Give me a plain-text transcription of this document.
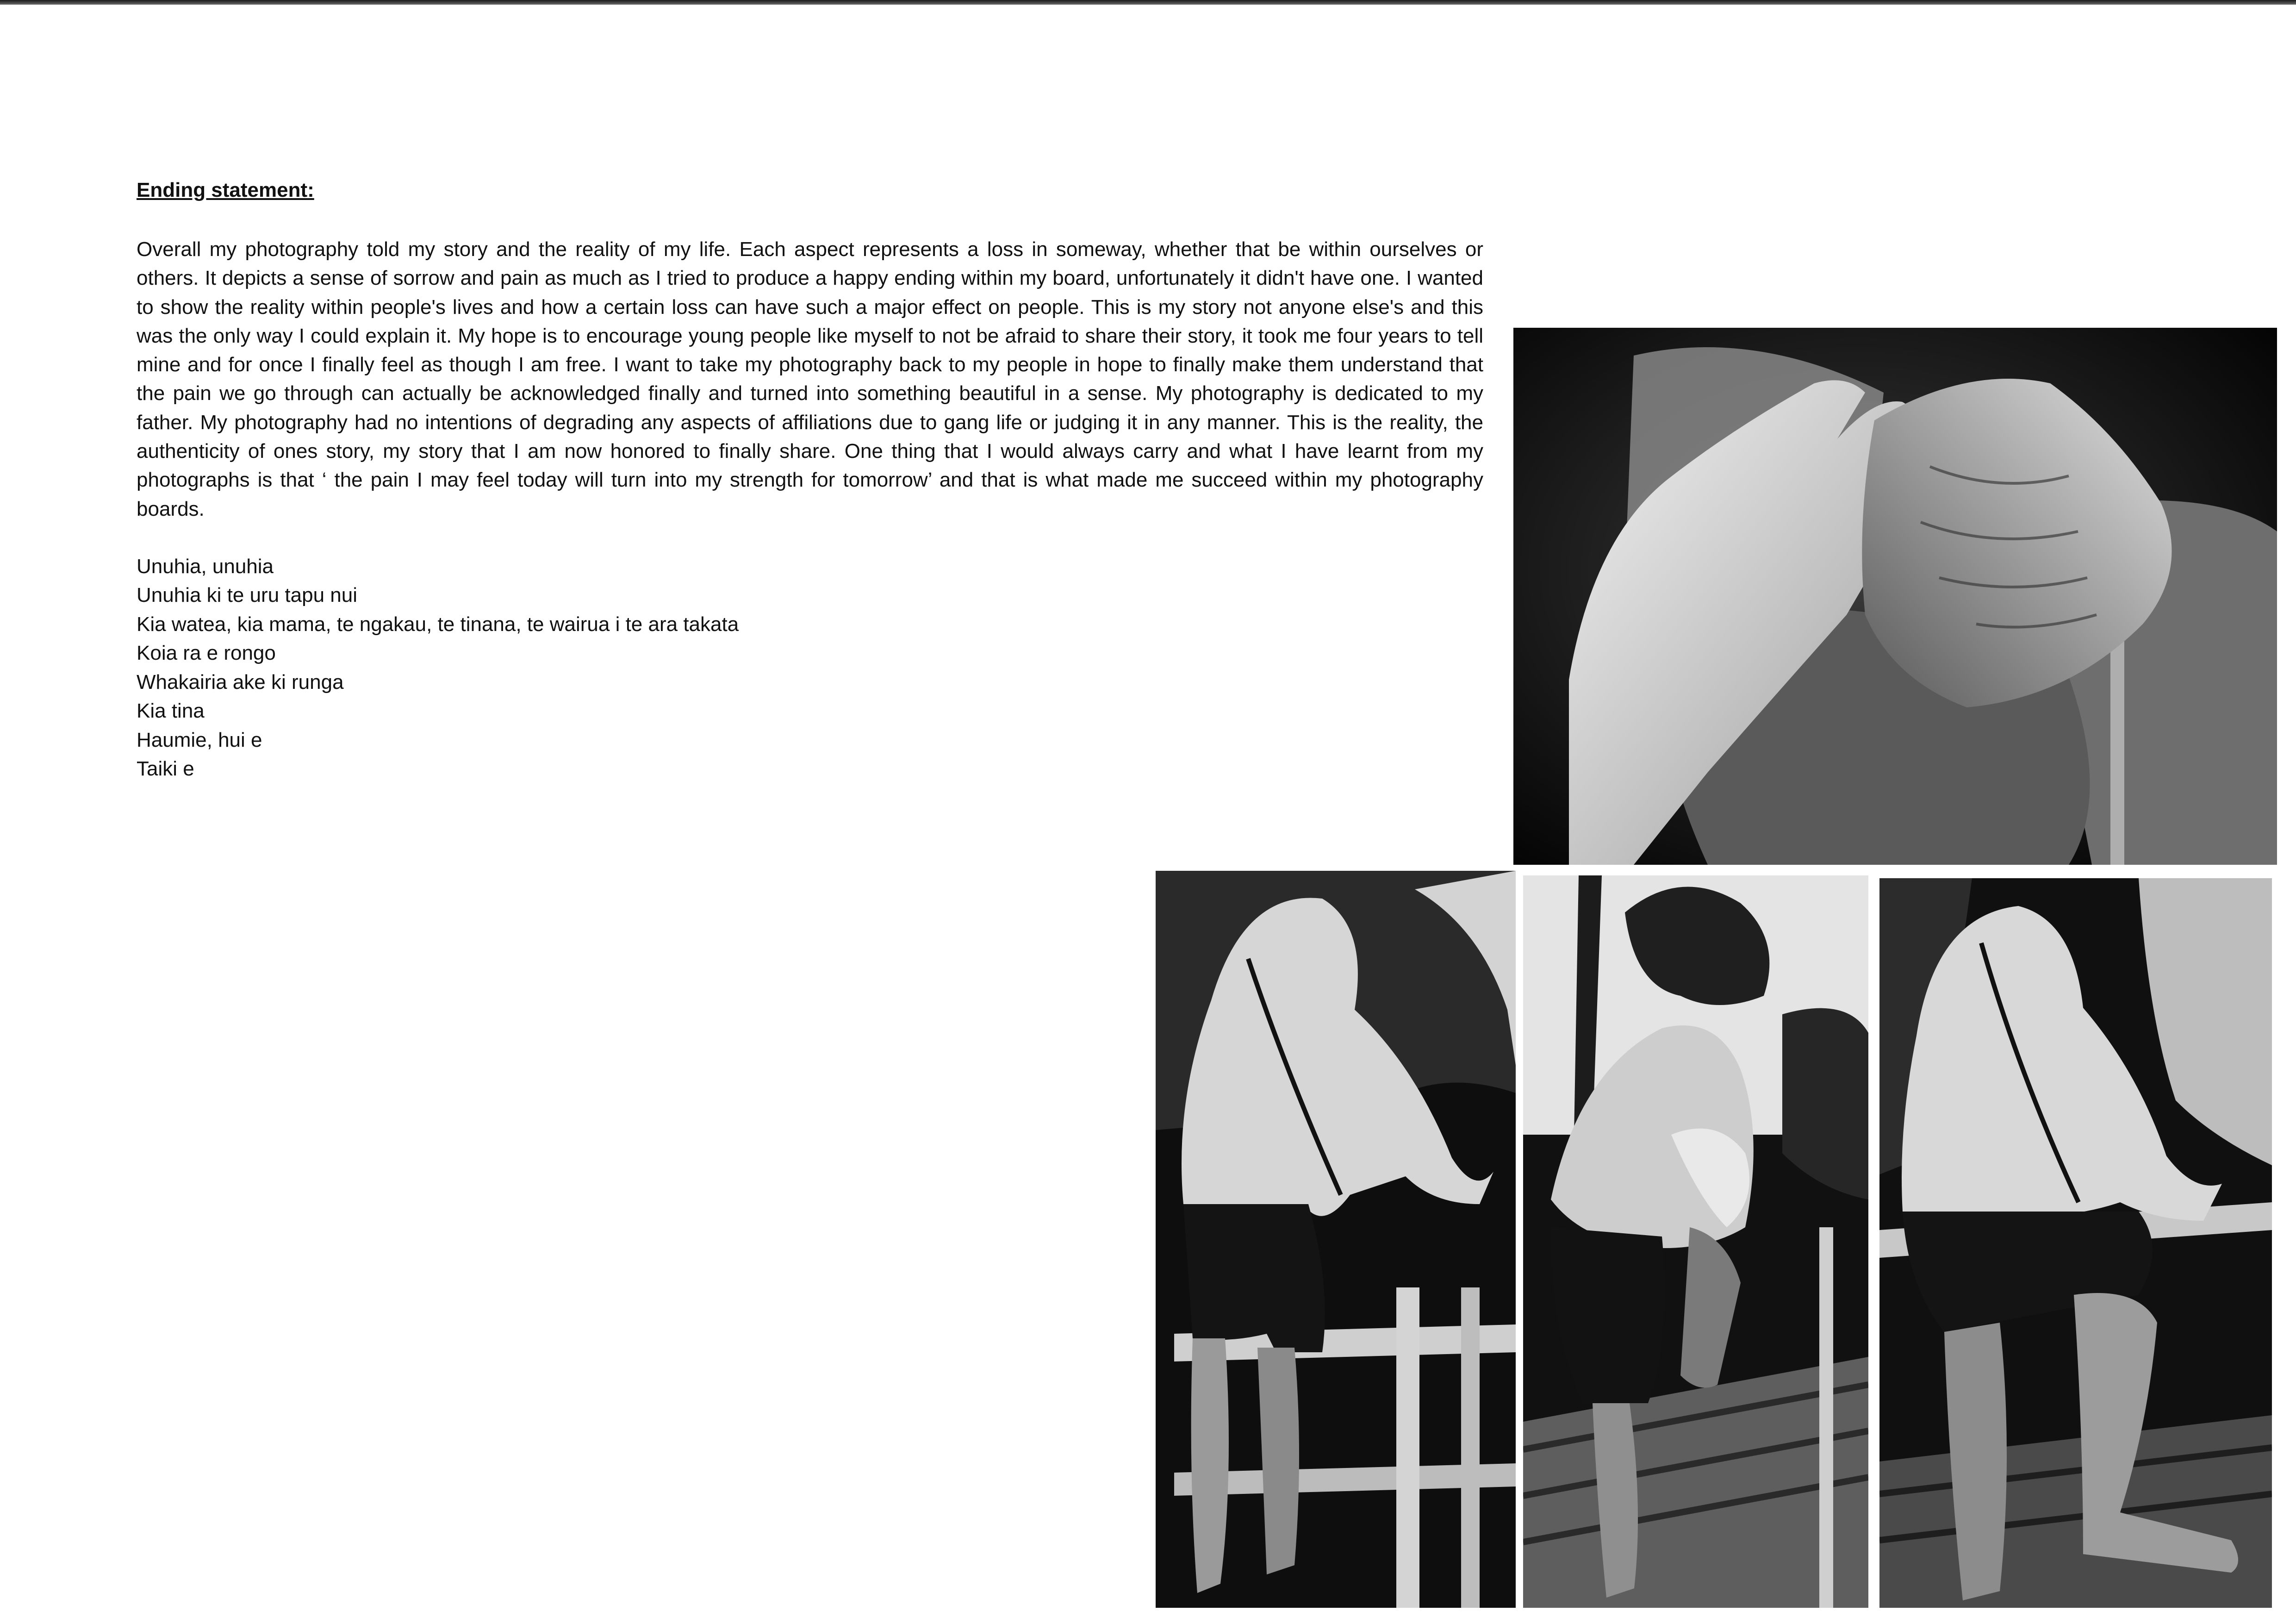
Ending statement:

Overall my photography told my story and the reality of my life. Each aspect represents a loss in someway, whether that be within ourselves or others. It depicts a sense of sorrow and pain as much as I tried to produce a happy ending within my board, unfortunately it didn't have one. I wanted to show the reality within people's lives and how a certain loss can have such a major effect on people. This is my story not anyone else's and this was the only way I could explain it. My hope is to encourage young people like myself to not be afraid to share their story, it took me four years to tell mine and for once I finally feel as though I am free. I want to take my photography back to my people in hope to finally make them understand that the pain we go through can actually be acknowledged finally and turned into something beautiful in a sense. My photography is dedicated to my father. My photography had no intentions of degrading any aspects of affiliations due to gang life or judging it in any manner. This is the reality, the authenticity of ones story, my story that I am now honored to finally share. One thing that I would always carry and what I have learnt from my photographs is that ‘ the pain I may feel today will turn into my strength for tomorrow’ and that is what made me succeed within my photography boards.

Unuhia, unuhia
Unuhia ki te uru tapu nui
Kia watea, kia mama, te ngakau, te tinana, te wairua i te ara takata
Koia ra e rongo
Whakairia ake ki runga
Kia tina
Haumie, hui e
Taiki e
